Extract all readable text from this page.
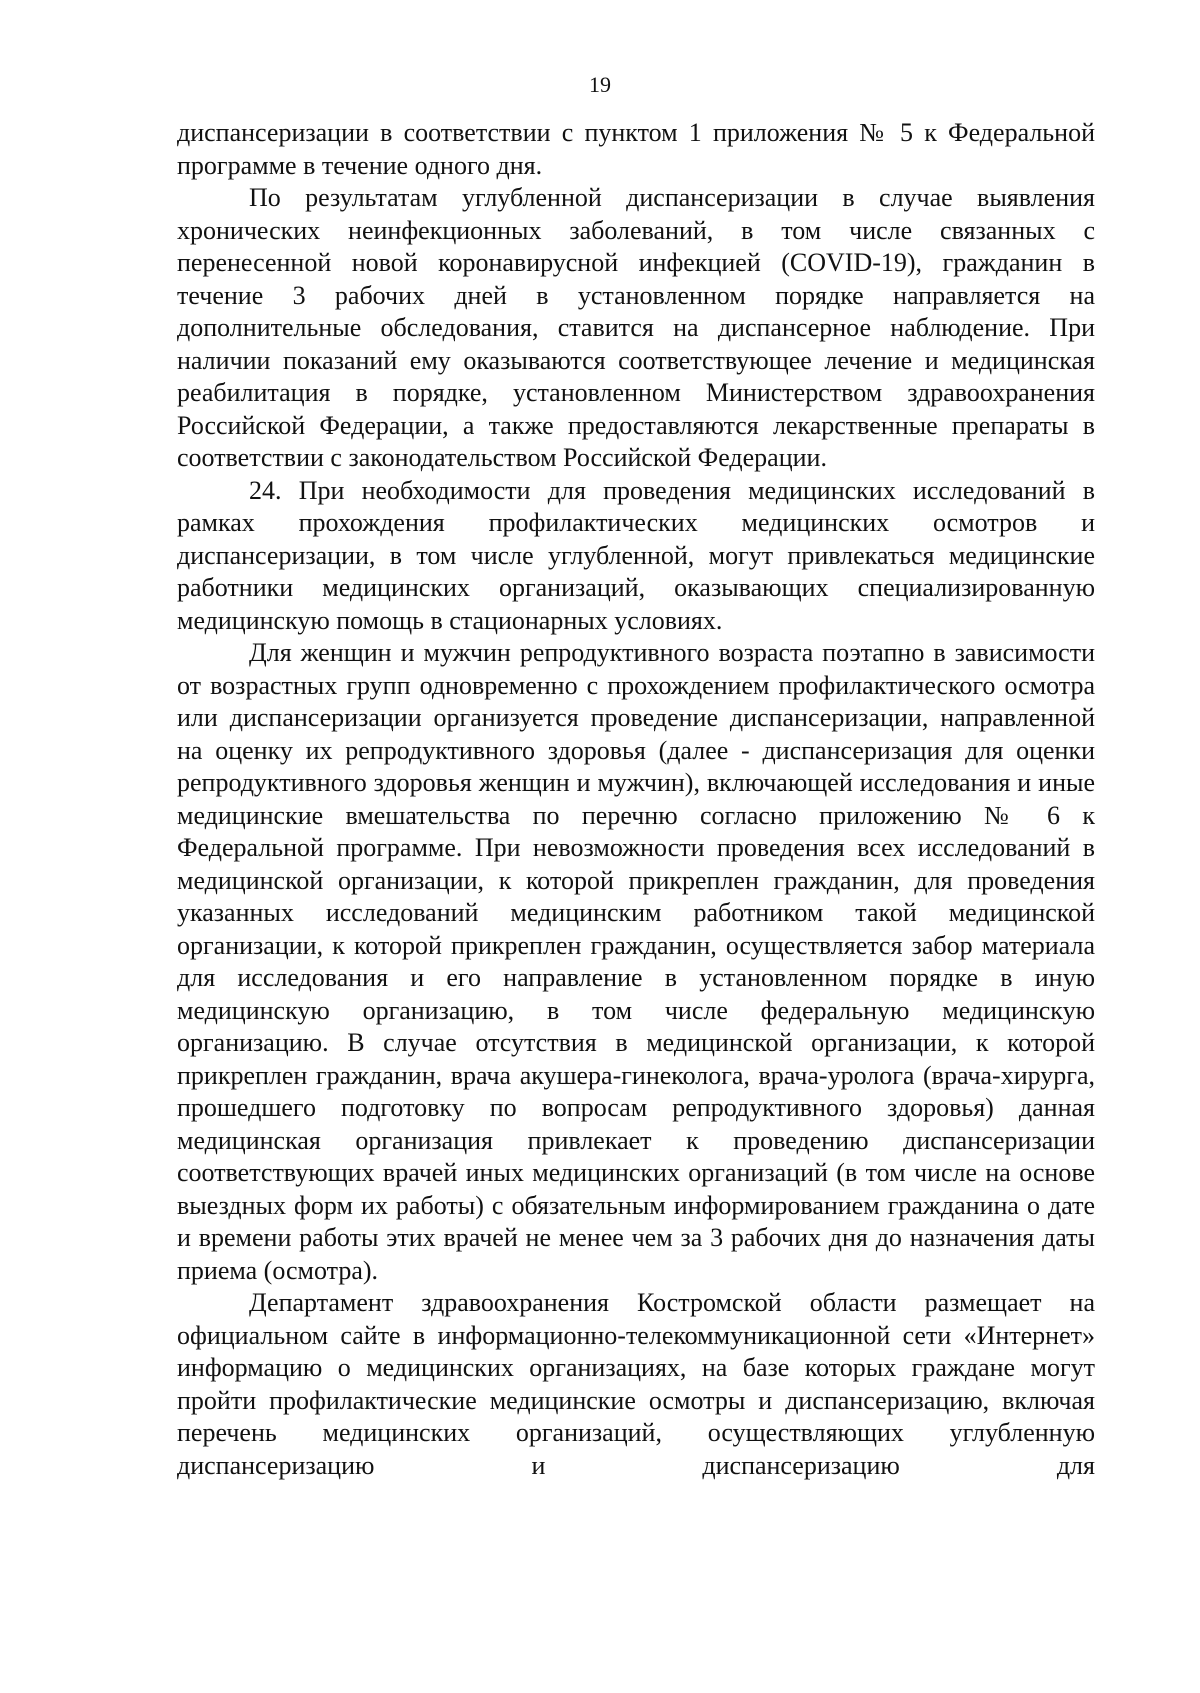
19

диспансеризации в соответствии с пунктом 1 приложения № 5 к Федеральной программе в течение одного дня.

По результатам углубленной диспансеризации в случае выявления хронических неинфекционных заболеваний, в том числе связанных с перенесенной новой коронавирусной инфекцией (COVID-19), гражданин в течение 3 рабочих дней в установленном порядке направляется на дополнительные обследования, ставится на диспансерное наблюдение. При наличии показаний ему оказываются соответствующее лечение и медицинская реабилитация в порядке, установленном Министерством здравоохранения Российской Федерации, а также предоставляются лекарственные препараты в соответствии с законодательством Российской Федерации.

24. При необходимости для проведения медицинских исследований в рамках прохождения профилактических медицинских осмотров и диспансеризации, в том числе углубленной, могут привлекаться медицинские работники медицинских организаций, оказывающих специализированную медицинскую помощь в стационарных условиях.

Для женщин и мужчин репродуктивного возраста поэтапно в зависимости от возрастных групп одновременно с прохождением профилактического осмотра или диспансеризации организуется проведение диспансеризации, направленной на оценку их репродуктивного здоровья (далее - диспансеризация для оценки репродуктивного здоровья женщин и мужчин), включающей исследования и иные медицинские вмешательства по перечню согласно приложению № 6 к Федеральной программе. При невозможности проведения всех исследований в медицинской организации, к которой прикреплен гражданин, для проведения указанных исследований медицинским работником такой медицинской организации, к которой прикреплен гражданин, осуществляется забор материала для исследования и его направление в установленном порядке в иную медицинскую организацию, в том числе федеральную медицинскую организацию. В случае отсутствия в медицинской организации, к которой прикреплен гражданин, врача акушера-гинеколога, врача-уролога (врача-хирурга, прошедшего подготовку по вопросам репродуктивного здоровья) данная медицинская организация привлекает к проведению диспансеризации соответствующих врачей иных медицинских организаций (в том числе на основе выездных форм их работы) с обязательным информированием гражданина о дате и времени работы этих врачей не менее чем за 3 рабочих дня до назначения даты приема (осмотра).

Департамент здравоохранения Костромской области размещает на официальном сайте в информационно-телекоммуникационной сети «Интернет» информацию о медицинских организациях, на базе которых граждане могут пройти профилактические медицинские осмотры и диспансеризацию, включая перечень медицинских организаций, осуществляющих углубленную диспансеризацию и диспансеризацию для
